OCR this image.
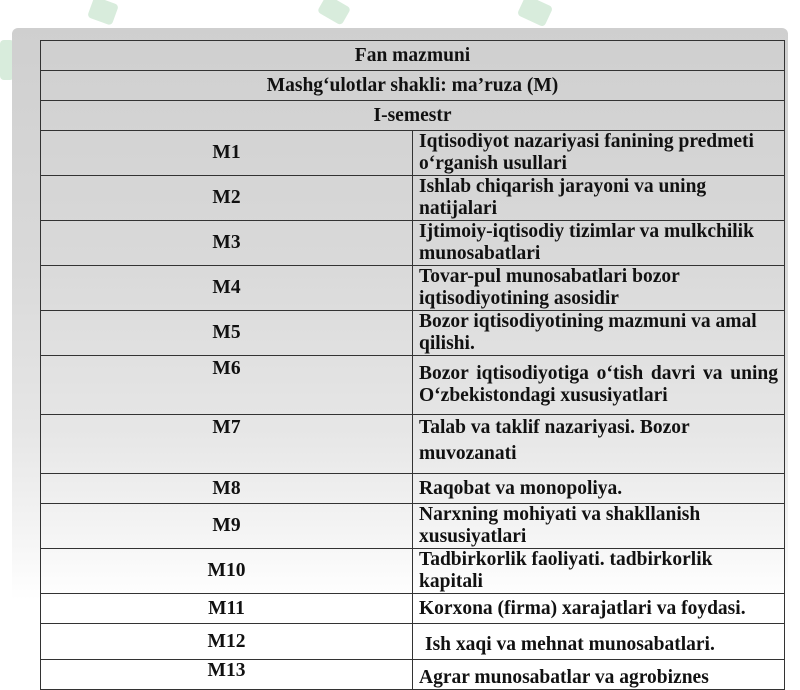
Fan mazmuni	
Mashg‘ulotlar shakli: ma’ruza (M)	
I-semestr	
M1	Iqtisodiyot nazariyasi fanining predmeti o‘rganish usullari
M2	Ishlab chiqarish jarayoni va uning natijalari
M3	Ijtimoiy-iqtisodiy tizimlar va mulkchilik munosabatlari
M4	Tovar-pul munosabatlari bozor iqtisodiyotining asosidir
M5	Bozor iqtisodiyotining mazmuni va amal qilishi.
M6	Bozor iqtisodiyotiga o‘tish davri va uning O‘zbekistondagi xususiyatlari
M7	Talab va taklif nazariyasi. Bozor
muvozanati

M8	Raqobat va monopoliya.
M9	Narxning mohiyati va shakllanish xususiyatlari
M10	Tadbirkorlik faoliyati. tadbirkorlik kapitali
M11	Korxona (firma) xarajatlari va foydasi.
M12	Ish xaqi va mehnat munosabatlari.
M13	Agrar munosabatlar va agrobiznes
